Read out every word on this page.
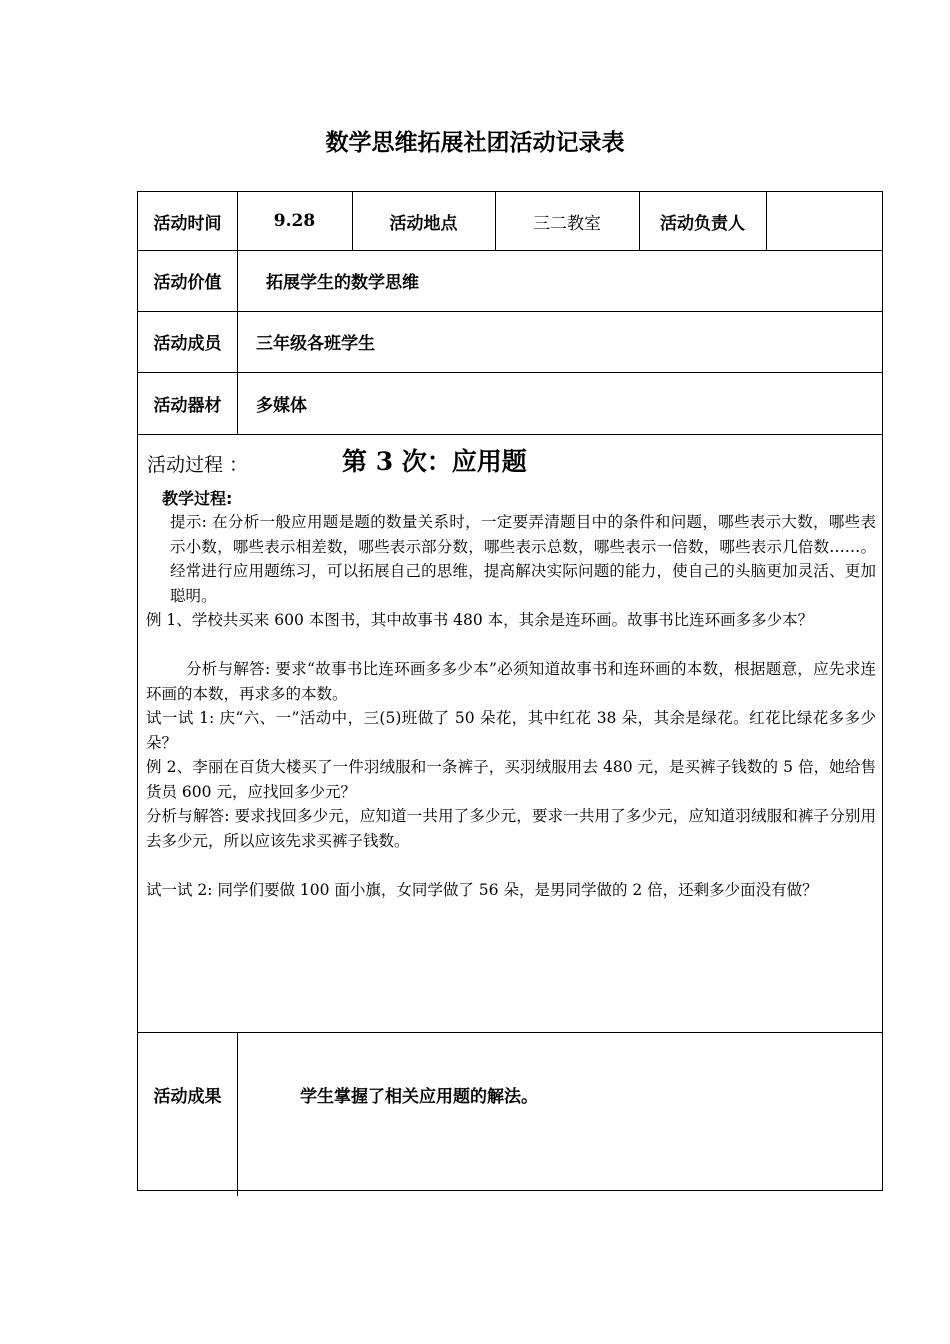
数学思维拓展社团活动记录表
活动时间	9.28	活动地点	三二教室	活动负责人
活动价值	拓展学生的数学思维
活动成员	三年级各班学生
活动器材	多媒体
活动过程 ：	第 3 次：应用题
教学过程:

提示: 在分析一般应用题是题的数量关系时，一定要弄清题目中的条件和问题，哪些表示大数，哪些表示小数，哪些表示相差数，哪些表示部分数，哪些表示总数，哪些表示一倍数，哪些表示几倍数……。经常进行应用题练习，可以拓展自己的思维，提高解决实际问题的能力，使自己的头脑更加灵活、更加聪明。

例 1、学校共买来 600 本图书，其中故事书 480 本，其余是连环画。故事书比连环画多多少本？

分析与解答: 要求“故事书比连环画多多少本”必须知道故事书和连环画的本数，根据题意，应先求连环画的本数，再求多的本数。

试一试 1: 庆“六、一”活动中，三(5)班做了 50 朵花，其中红花 38 朵，其余是绿花。红花比绿花多多少朵？

例 2、李丽在百货大楼买了一件羽绒服和一条裤子，买羽绒服用去 480 元，是买裤子钱数的 5 倍，她给售货员 600 元，应找回多少元？

分析与解答: 要求找回多少元，应知道一共用了多少元，要求一共用了多少元，应知道羽绒服和裤子分别用去多少元，所以应该先求买裤子钱数。

试一试 2: 同学们要做 100 面小旗，女同学做了 56 朵，是男同学做的 2 倍，还剩多少面没有做？

活动成果	学生掌握了相关应用题的解法。
